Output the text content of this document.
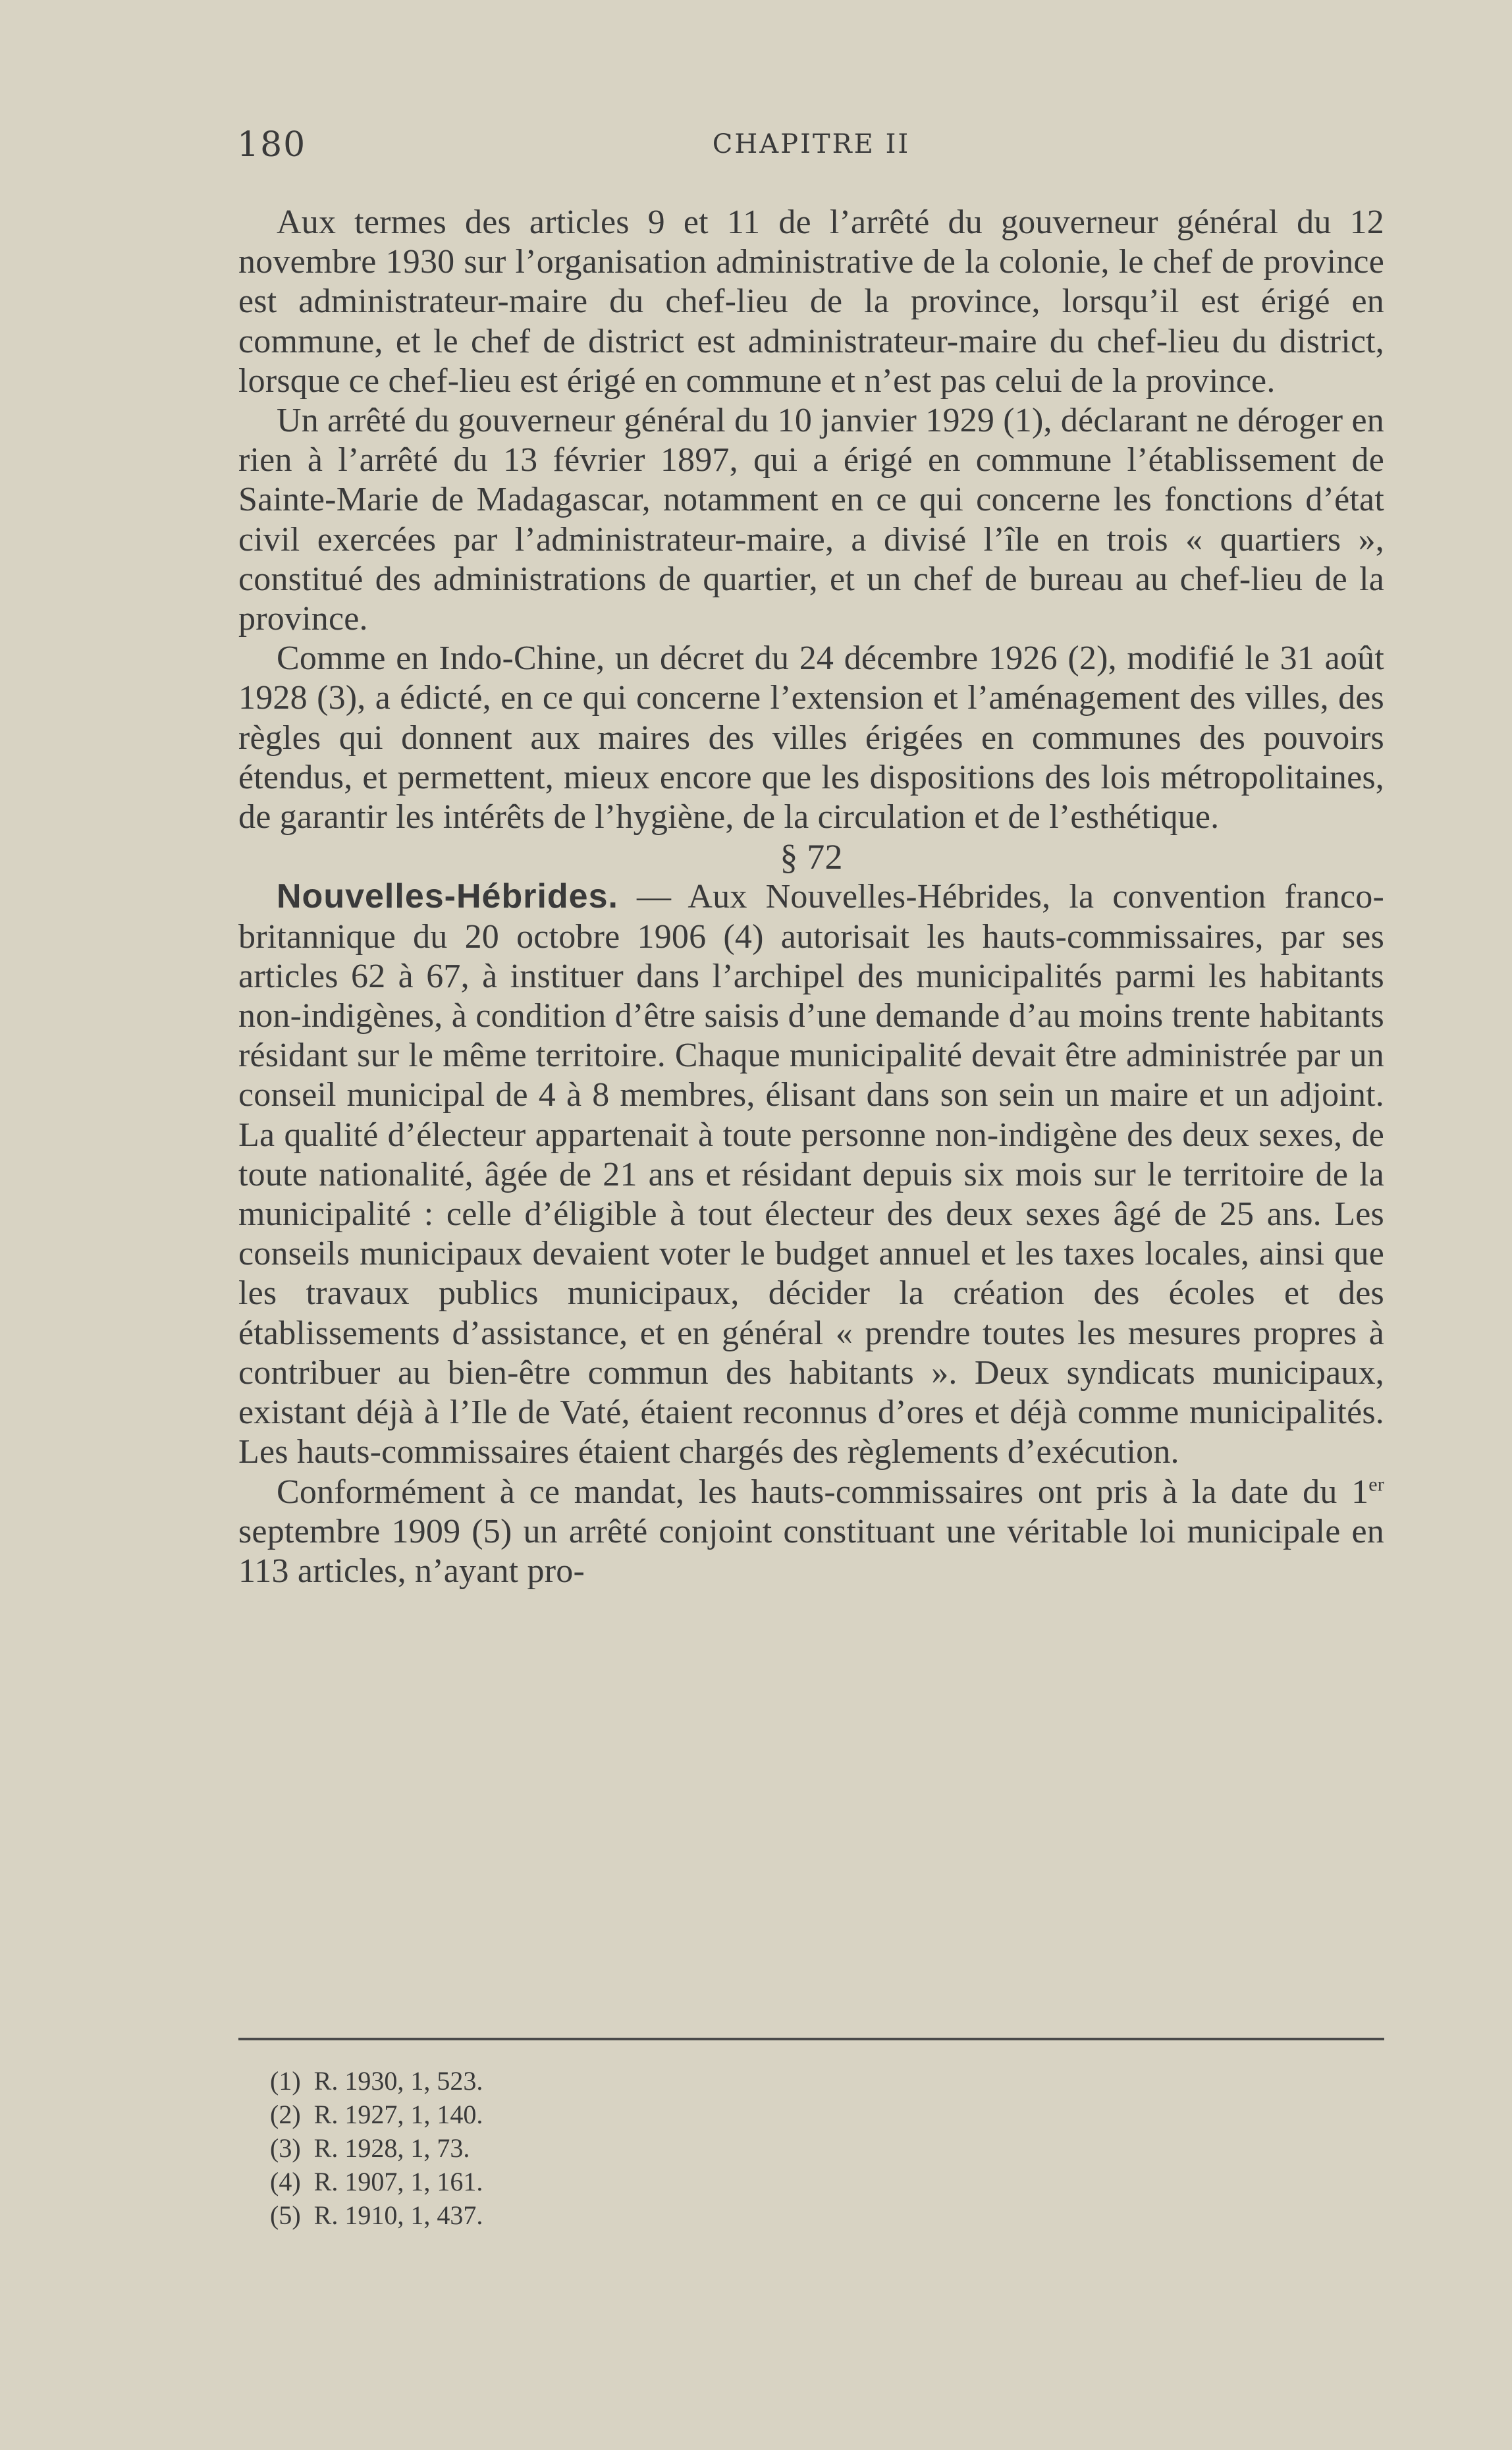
180	CHAPITRE II

Aux termes des articles 9 et 11 de l’arrêté du gouverneur général du 12 novembre 1930 sur l’organisation administrative de la colonie, le chef de province est administrateur-maire du chef-lieu de la province, lorsqu’il est érigé en commune, et le chef de district est administrateur-maire du chef-lieu du district, lorsque ce chef-lieu est érigé en commune et n’est pas celui de la province.

Un arrêté du gouverneur général du 10 janvier 1929 (1), déclarant ne déroger en rien à l’arrêté du 13 février 1897, qui a érigé en commune l’établissement de Sainte-Marie de Madagascar, notamment en ce qui concerne les fonctions d’état civil exercées par l’administrateur-maire, a divisé l’île en trois « quartiers », constitué des administrations de quartier, et un chef de bureau au chef-lieu de la province.

Comme en Indo-Chine, un décret du 24 décembre 1926 (2), modifié le 31 août 1928 (3), a édicté, en ce qui concerne l’extension et l’aménagement des villes, des règles qui donnent aux maires des villes érigées en communes des pouvoirs étendus, et permettent, mieux encore que les dispositions des lois métropolitaines, de garantir les intérêts de l’hygiène, de la circulation et de l’esthétique.

§ 72

Nouvelles-Hébrides. — Aux Nouvelles-Hébrides, la convention franco-britannique du 20 octobre 1906 (4) autorisait les hauts-commissaires, par ses articles 62 à 67, à instituer dans l’archipel des municipalités parmi les habitants non-indigènes, à condition d’être saisis d’une demande d’au moins trente habitants résidant sur le même territoire. Chaque municipalité devait être administrée par un conseil municipal de 4 à 8 membres, élisant dans son sein un maire et un adjoint. La qualité d’électeur appartenait à toute personne non-indigène des deux sexes, de toute nationalité, âgée de 21 ans et résidant depuis six mois sur le territoire de la municipalité : celle d’éligible à tout électeur des deux sexes âgé de 25 ans. Les conseils municipaux devaient voter le budget annuel et les taxes locales, ainsi que les travaux publics municipaux, décider la création des écoles et des établissements d’assistance, et en général « prendre toutes les mesures propres à contribuer au bien-être commun des habitants ». Deux syndicats municipaux, existant déjà à l’Ile de Vaté, étaient reconnus d’ores et déjà comme municipalités. Les hauts-commissaires étaient chargés des règlements d’exécution.

Conformément à ce mandat, les hauts-commissaires ont pris à la date du 1er septembre 1909 (5) un arrêté conjoint constituant une véritable loi municipale en 113 articles, n’ayant pro-

(1)  R. 1930, 1, 523.
(2)  R. 1927, 1, 140.
(3)  R. 1928, 1, 73.
(4)  R. 1907, 1, 161.
(5)  R. 1910, 1, 437.
